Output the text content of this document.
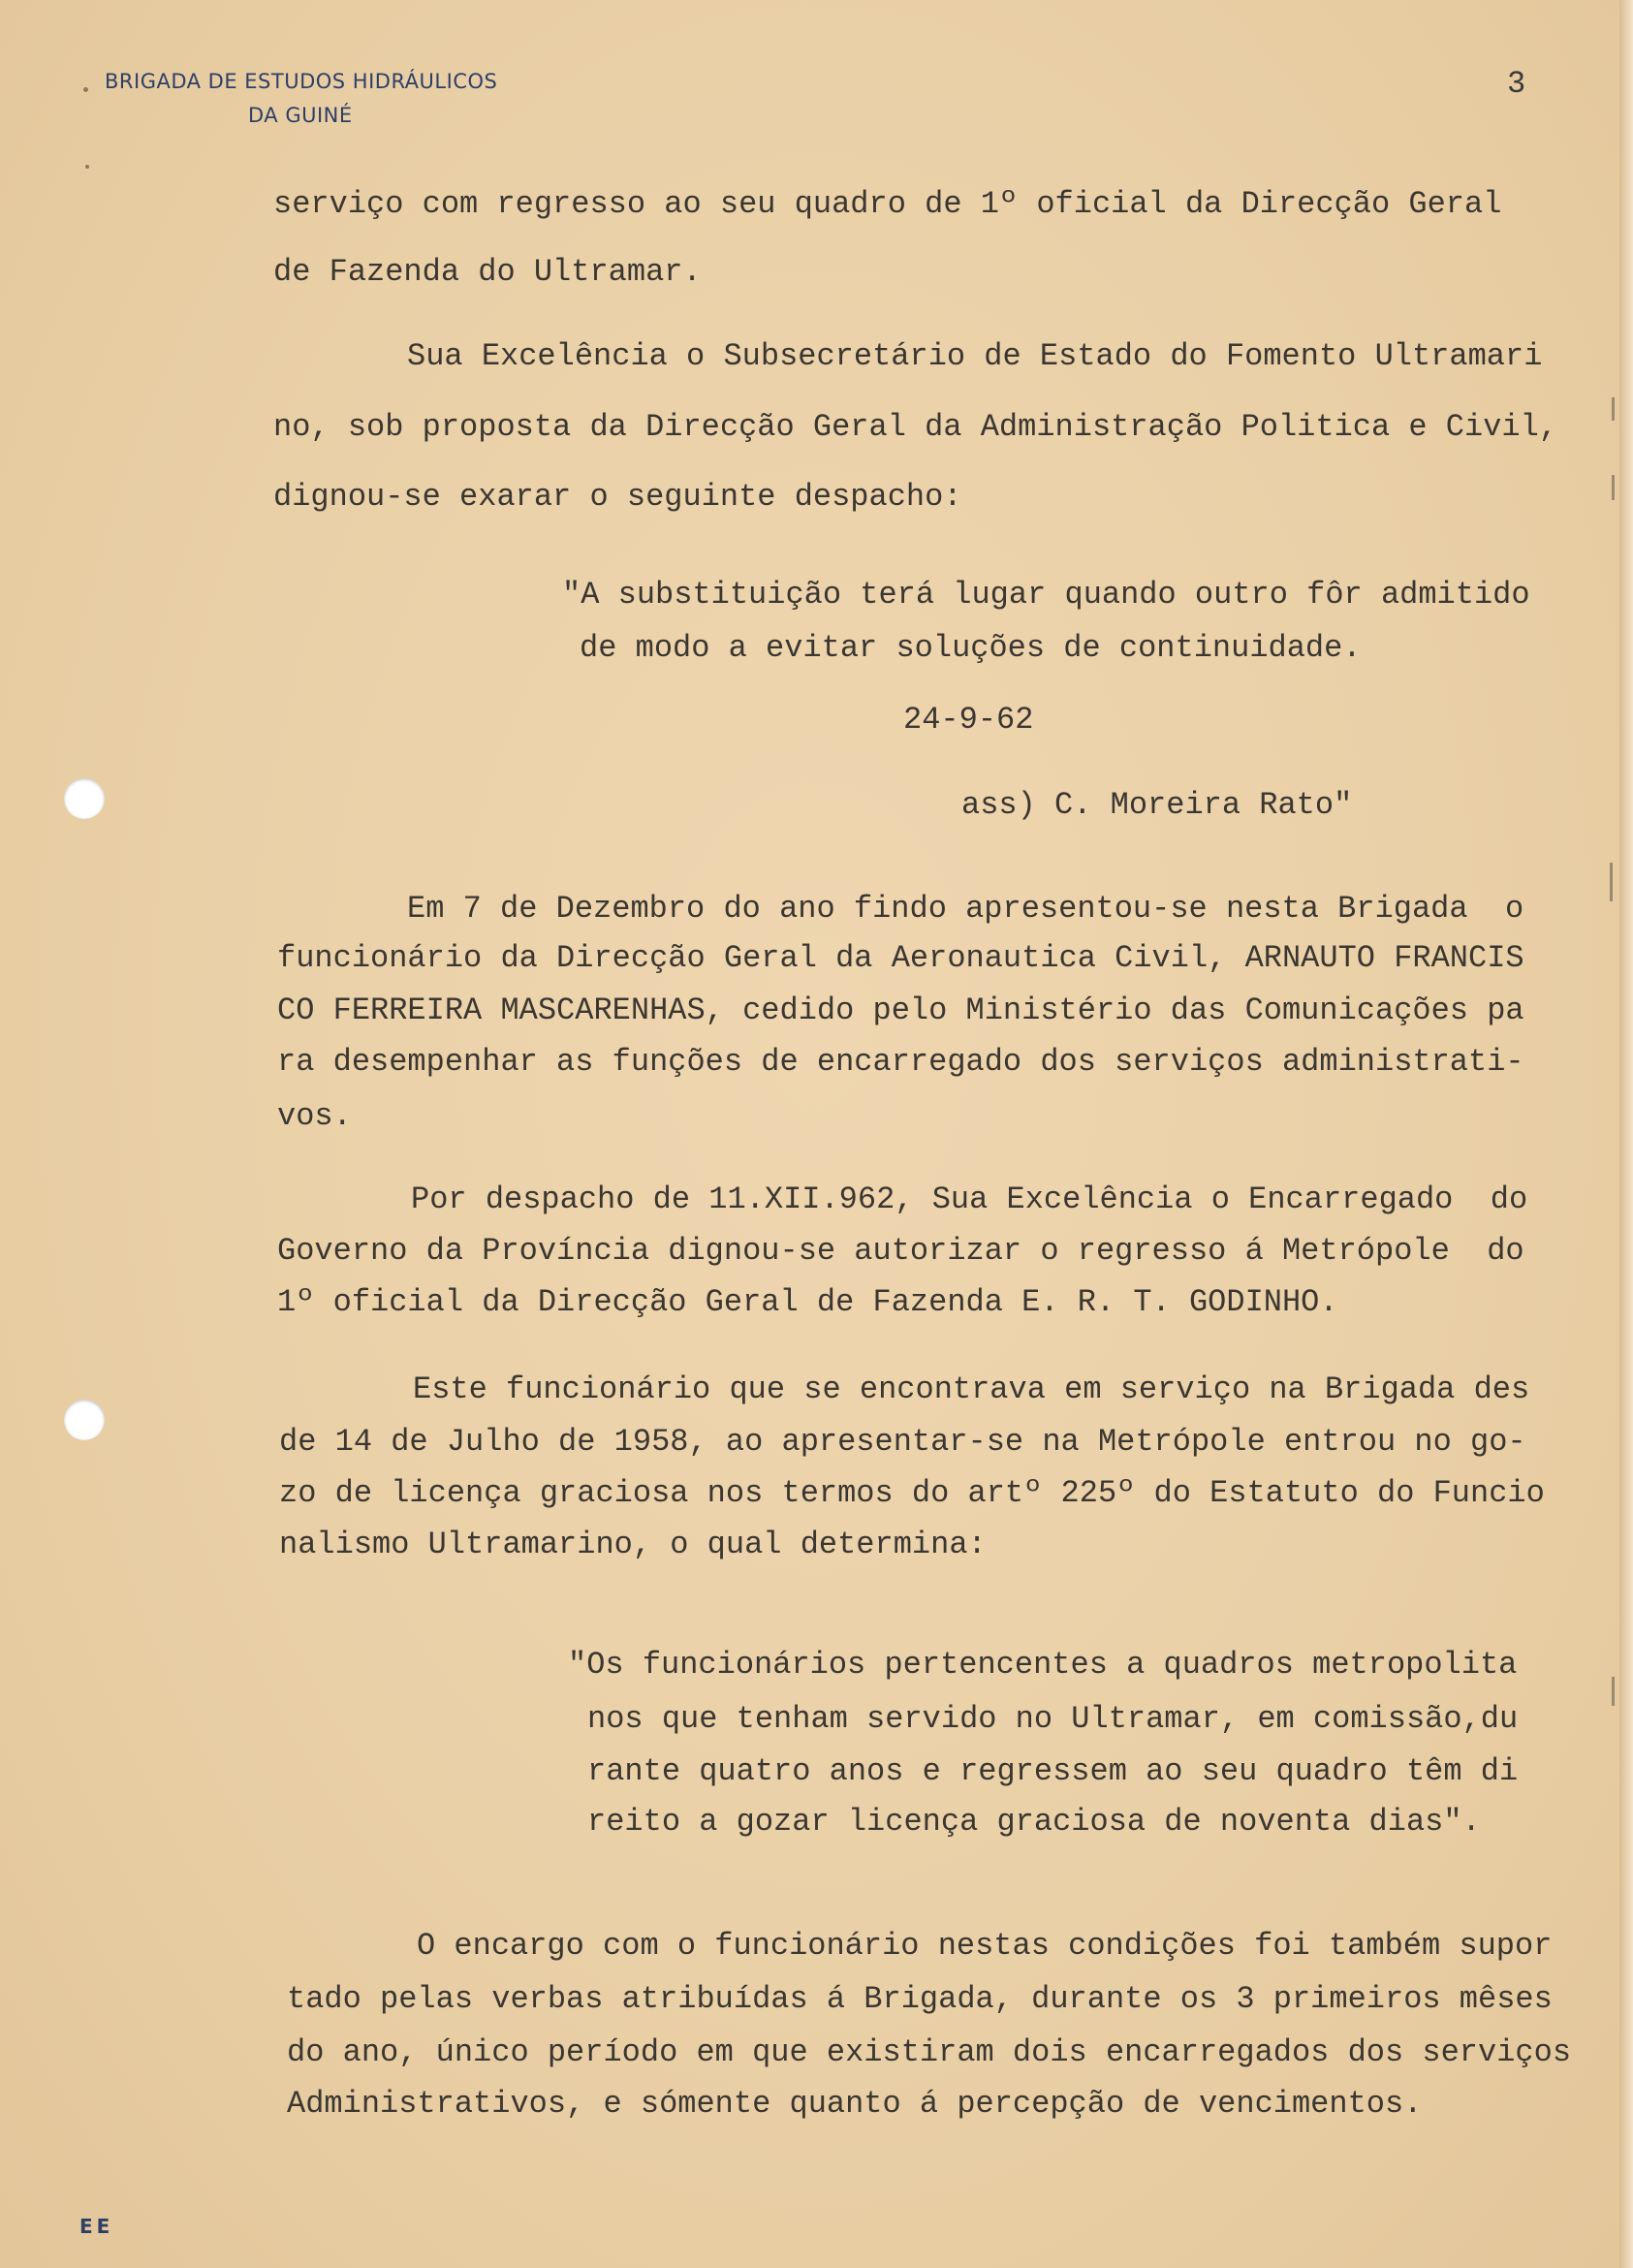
BRIGADA DE ESTUDOS HIDRÁULICOS
DA GUINÉ
3
serviço com regresso ao seu quadro de 1º oficial da Direcção Geral
de Fazenda do Ultramar.
Sua Excelência o Subsecretário de Estado do Fomento Ultramari
no, sob proposta da Direcção Geral da Administração Politica e Civil,
dignou-se exarar o seguinte despacho:
"A substituição terá lugar quando outro fôr admitido
de modo a evitar soluções de continuidade.
24-9-62
ass) C. Moreira Rato"
Em 7 de Dezembro do ano findo apresentou-se nesta Brigada  o
funcionário da Direcção Geral da Aeronautica Civil, ARNAUTO FRANCIS
CO FERREIRA MASCARENHAS, cedido pelo Ministério das Comunicações pa
ra desempenhar as funções de encarregado dos serviços administrati-
vos.
Por despacho de 11.XII.962, Sua Excelência o Encarregado  do
Governo da Província dignou-se autorizar o regresso á Metrópole  do
1º oficial da Direcção Geral de Fazenda E. R. T. GODINHO.
Este funcionário que se encontrava em serviço na Brigada des
de 14 de Julho de 1958, ao apresentar-se na Metrópole entrou no go-
zo de licença graciosa nos termos do artº 225º do Estatuto do Funcio
nalismo Ultramarino, o qual determina:
"Os funcionários pertencentes a quadros metropolita
nos que tenham servido no Ultramar, em comissão,du
rante quatro anos e regressem ao seu quadro têm di
reito a gozar licença graciosa de noventa dias".
O encargo com o funcionário nestas condições foi também supor
tado pelas verbas atribuídas á Brigada, durante os 3 primeiros mêses
do ano, único período em que existiram dois encarregados dos serviços
Administrativos, e sómente quanto á percepção de vencimentos.
EE
